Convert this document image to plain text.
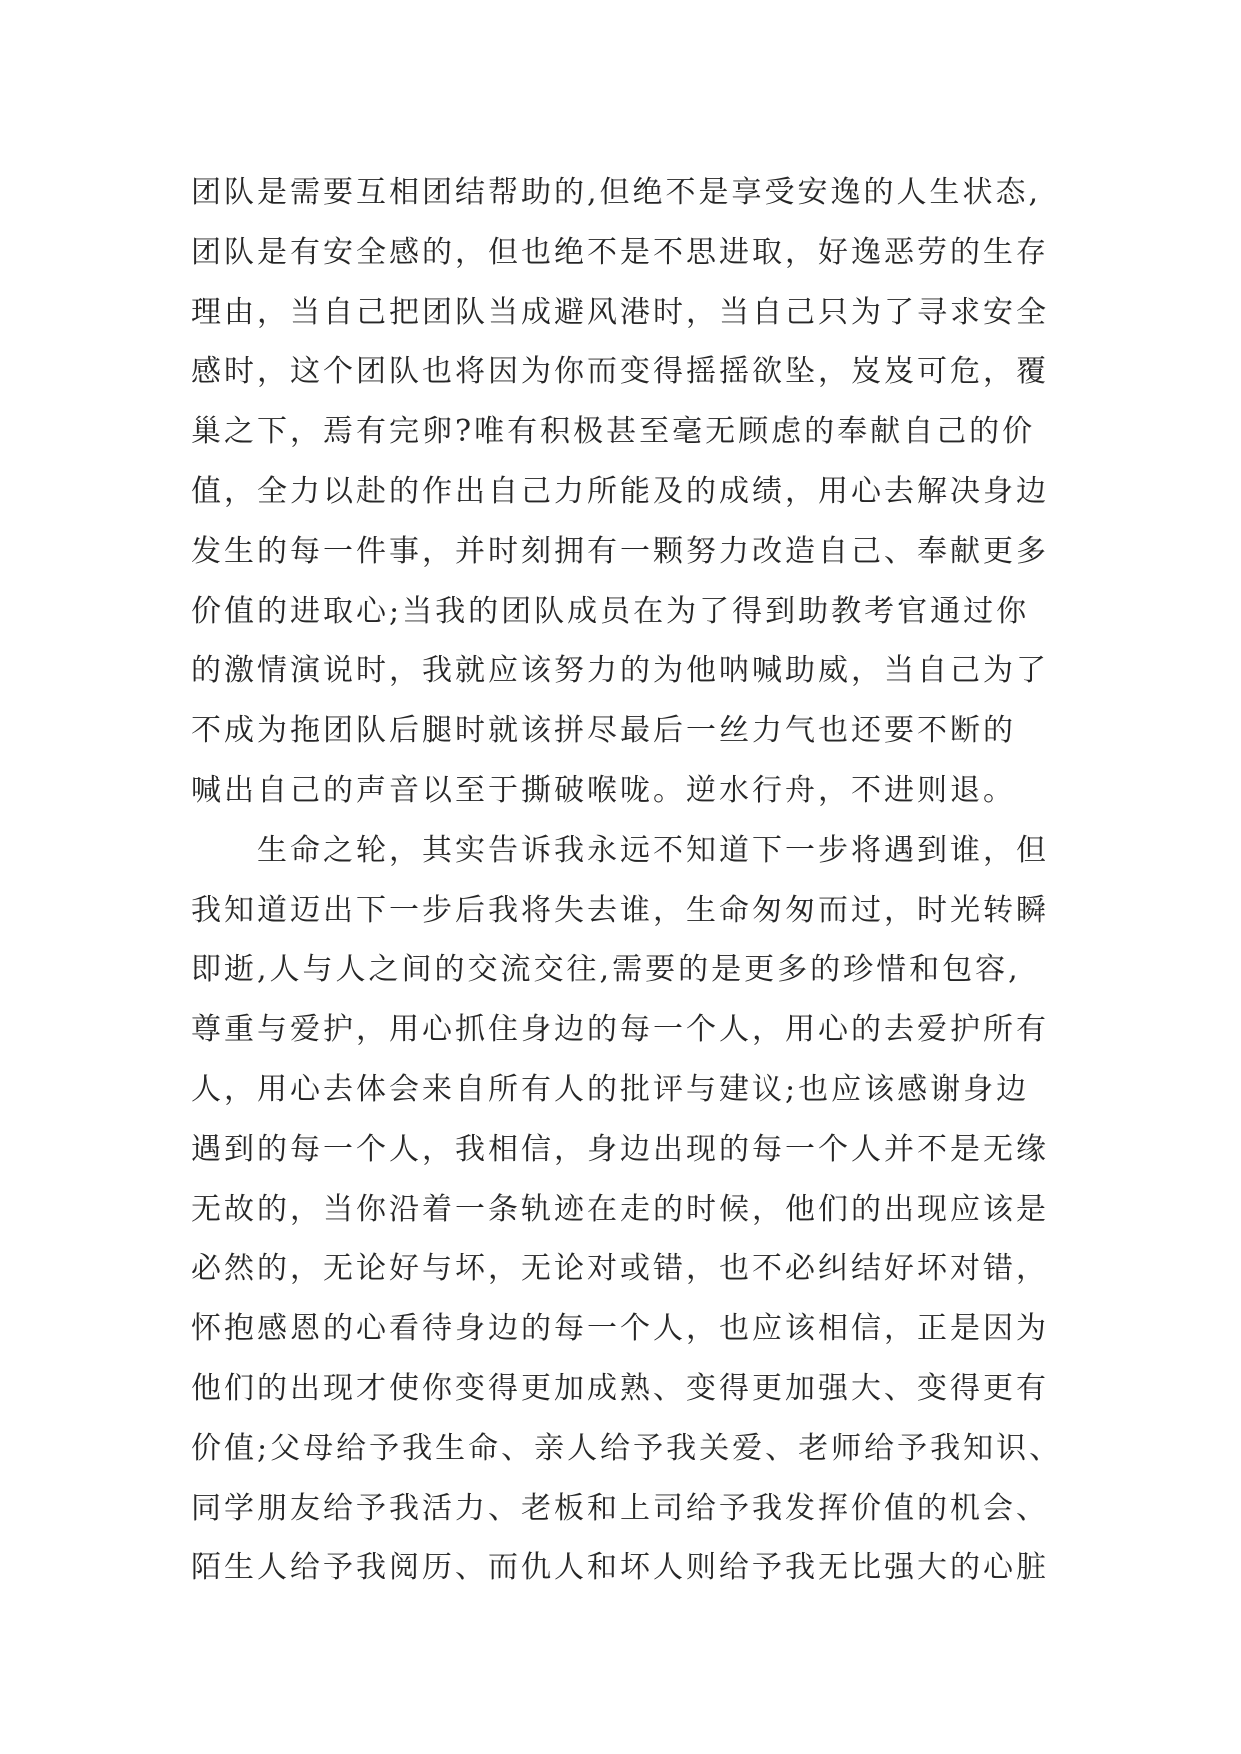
团队是需要互相团结帮助的,但绝不是享受安逸的人生状态,
团队是有安全感的，但也绝不是不思进取，好逸恶劳的生存
理由，当自己把团队当成避风港时，当自己只为了寻求安全
感时，这个团队也将因为你而变得摇摇欲坠，岌岌可危，覆
巢之下，焉有完卵?唯有积极甚至毫无顾虑的奉献自己的价
值，全力以赴的作出自己力所能及的成绩，用心去解决身边
发生的每一件事，并时刻拥有一颗努力改造自己、奉献更多
价值的进取心;当我的团队成员在为了得到助教考官通过你
的激情演说时，我就应该努力的为他呐喊助威，当自己为了
不成为拖团队后腿时就该拼尽最后一丝力气也还要不断的
喊出自己的声音以至于撕破喉咙。逆水行舟，不进则退。
　　生命之轮，其实告诉我永远不知道下一步将遇到谁，但
我知道迈出下一步后我将失去谁，生命匆匆而过，时光转瞬
即逝,人与人之间的交流交往,需要的是更多的珍惜和包容,
尊重与爱护，用心抓住身边的每一个人，用心的去爱护所有
人，用心去体会来自所有人的批评与建议;也应该感谢身边
遇到的每一个人，我相信，身边出现的每一个人并不是无缘
无故的，当你沿着一条轨迹在走的时候，他们的出现应该是
必然的，无论好与坏，无论对或错，也不必纠结好坏对错，
怀抱感恩的心看待身边的每一个人，也应该相信，正是因为
他们的出现才使你变得更加成熟、变得更加强大、变得更有
价值;父母给予我生命、亲人给予我关爱、老师给予我知识、
同学朋友给予我活力、老板和上司给予我发挥价值的机会、
陌生人给予我阅历、而仇人和坏人则给予我无比强大的心脏
